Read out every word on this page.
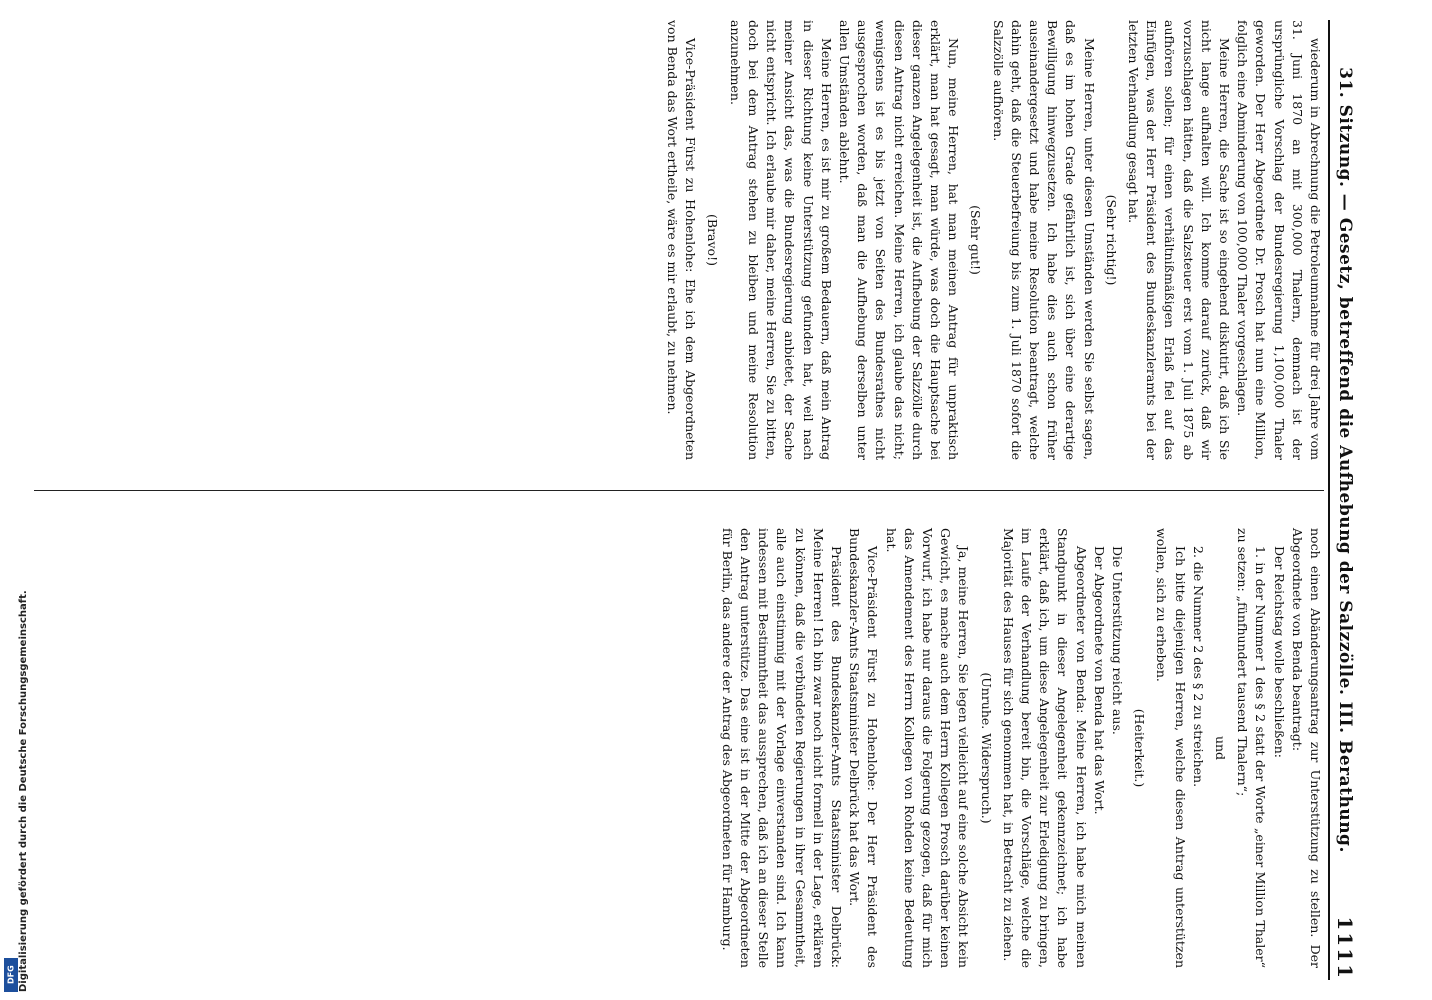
31. Sitzung. — Gesetz, betreffend die Aufhebung der Salzzölle. III. Berathung.
1111

wiederum in Abrechnung die Petroleumnahme für drei Jahre vom 31. Juni 1870 an mit 300,000 Thalern, demnach ist der ursprüngliche Vorschlag der Bundesregierung 1,100,000 Thaler geworden. Der Herr Abgeordnete Dr. Prosch hat nun eine Million, folglich eine Abminderung von 100,000 Thaler vorgeschlagen.

Meine Herren, die Sache ist so eingehend diskutirt, daß ich Sie nicht lange aufhalten will. Ich komme darauf zurück, daß wir vorzuschlagen hätten, daß die Salzsteuer erst vom 1. Juli 1875 ab aufhören sollen; für einen verhältnißmäßigen Erlaß fiel auf das Einfügen, was der Herr Präsident des Bundeskanzleramts bei der letzten Verhandlung gesagt hat.

(Sehr richtig!)

Meine Herren, unter diesen Umständen werden Sie selbst sagen, daß es im hohen Grade gefährlich ist, sich über eine derartige Bewilligung hinwegzusetzen. Ich habe dies auch schon früher auseinandergesetzt und habe meine Resolution beantragt, welche dahin geht, daß die Steuerbefreiung bis zum 1. Juli 1870 sofort die Salzzölle aufhören.

(Sehr gut!)

Nun, meine Herren, hat man meinen Antrag für unpraktisch erklärt, man hat gesagt, man würde, was doch die Hauptsache bei dieser ganzen Angelegenheit ist, die Aufhebung der Salzzölle durch diesen Antrag nicht erreichen. Meine Herren, ich glaube das nicht; wenigstens ist es bis jetzt von Seiten des Bundesrathes nicht ausgesprochen worden, daß man die Aufhebung derselben unter allen Umständen ablehnt.

Meine Herren, es ist mir zu großem Bedauern, daß mein Antrag in dieser Richtung keine Unterstützung gefunden hat, weil nach meiner Ansicht das, was die Bundesregierung anbietet, der Sache nicht entspricht. Ich erlaube mir daher, meine Herren, Sie zu bitten, doch bei dem Antrag stehen zu bleiben und meine Resolution anzunehmen.

(Bravo!)

Vice-Präsident Fürst zu Hohenlohe: Ehe ich dem Abgeordneten von Benda das Wort ertheile, wäre es mir erlaubt, zu nehmen.

noch einen Abänderungsantrag zur Unterstützung zu stellen. Der Abgeordnete von Benda beantragt:

Der Reichstag wolle beschließen:

1. in der Nummer 1 des § 2 statt der Worte „einer Million Thaler“ zu setzen: „fünfhundert tausend Thalern“;

und

2. die Nummer 2 des § 2 zu streichen.

Ich bitte diejenigen Herren, welche diesen Antrag unterstützen wollen, sich zu erheben.

(Heiterkeit.)

Die Unterstützung reicht aus.

Der Abgeordnete von Benda hat das Wort.

Abgeordneter von Benda: Meine Herren, ich habe mich meinen Standpunkt in dieser Angelegenheit gekennzeichnet; ich habe erklärt, daß ich, um diese Angelegenheit zur Erledigung zu bringen, im Laufe der Verhandlung bereit bin, die Vorschläge, welche die Majorität des Hauses für sich genommen hat, in Betracht zu ziehen.

(Unruhe. Widerspruch.)

Ja, meine Herren, Sie legen vielleicht auf eine solche Absicht kein Gewicht, es mache auch dem Herrn Kollegen Prosch darüber keinen Vorwurf, ich habe nur daraus die Folgerung gezogen, daß für mich das Amendement des Herrn Kollegen von Rohden keine Bedeutung hat.

Vice-Präsident Fürst zu Hohenlohe: Der Herr Präsident des Bundeskanzler-Amts Staatsminister Delbrück hat das Wort.

Präsident des Bundeskanzler-Amts Staatsminister Delbrück: Meine Herren! Ich bin zwar noch nicht formell in der Lage, erklären zu können, daß die verbündeten Regierungen in ihrer Gesammtheit, alle auch einstimmig mit der Vorlage einverstanden sind. Ich kann indessen mit Bestimmtheit das aussprechen, daß ich an dieser Stelle den Antrag unterstütze. Das eine ist in der Mitte der Abgeordneten für Berlin, das andere der Antrag des Abgeordneten für Hamburg.

Digitalisierung gefördert durch die Deutsche Forschungsgemeinschaft.
DFG
